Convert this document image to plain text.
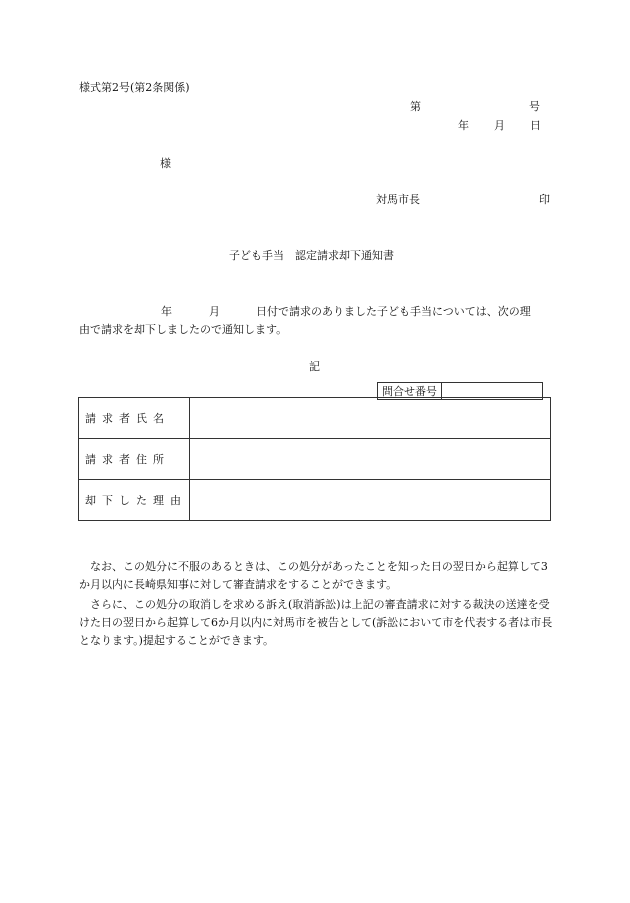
様式第2号(第2条関係)
第	号
年 月 日
様
対馬市長	印
子ども手当　認定請求却下通知書
年	月	日付で請求のありました子ども手当については、次の理
由で請求を却下しましたので通知します。
記
問合せ番号	
請求者氏名	
請求者住所	
却下した理由	
なお、この処分に不服のあるときは、この処分があったことを知った日の翌日から起算して3か月以内に長崎県知事に対して審査請求をすることができます。
さらに、この処分の取消しを求める訴え(取消訴訟)は上記の審査請求に対する裁決の送達を受けた日の翌日から起算して6か月以内に対馬市を被告として(訴訟において市を代表する者は市長となります。)提起することができます。
